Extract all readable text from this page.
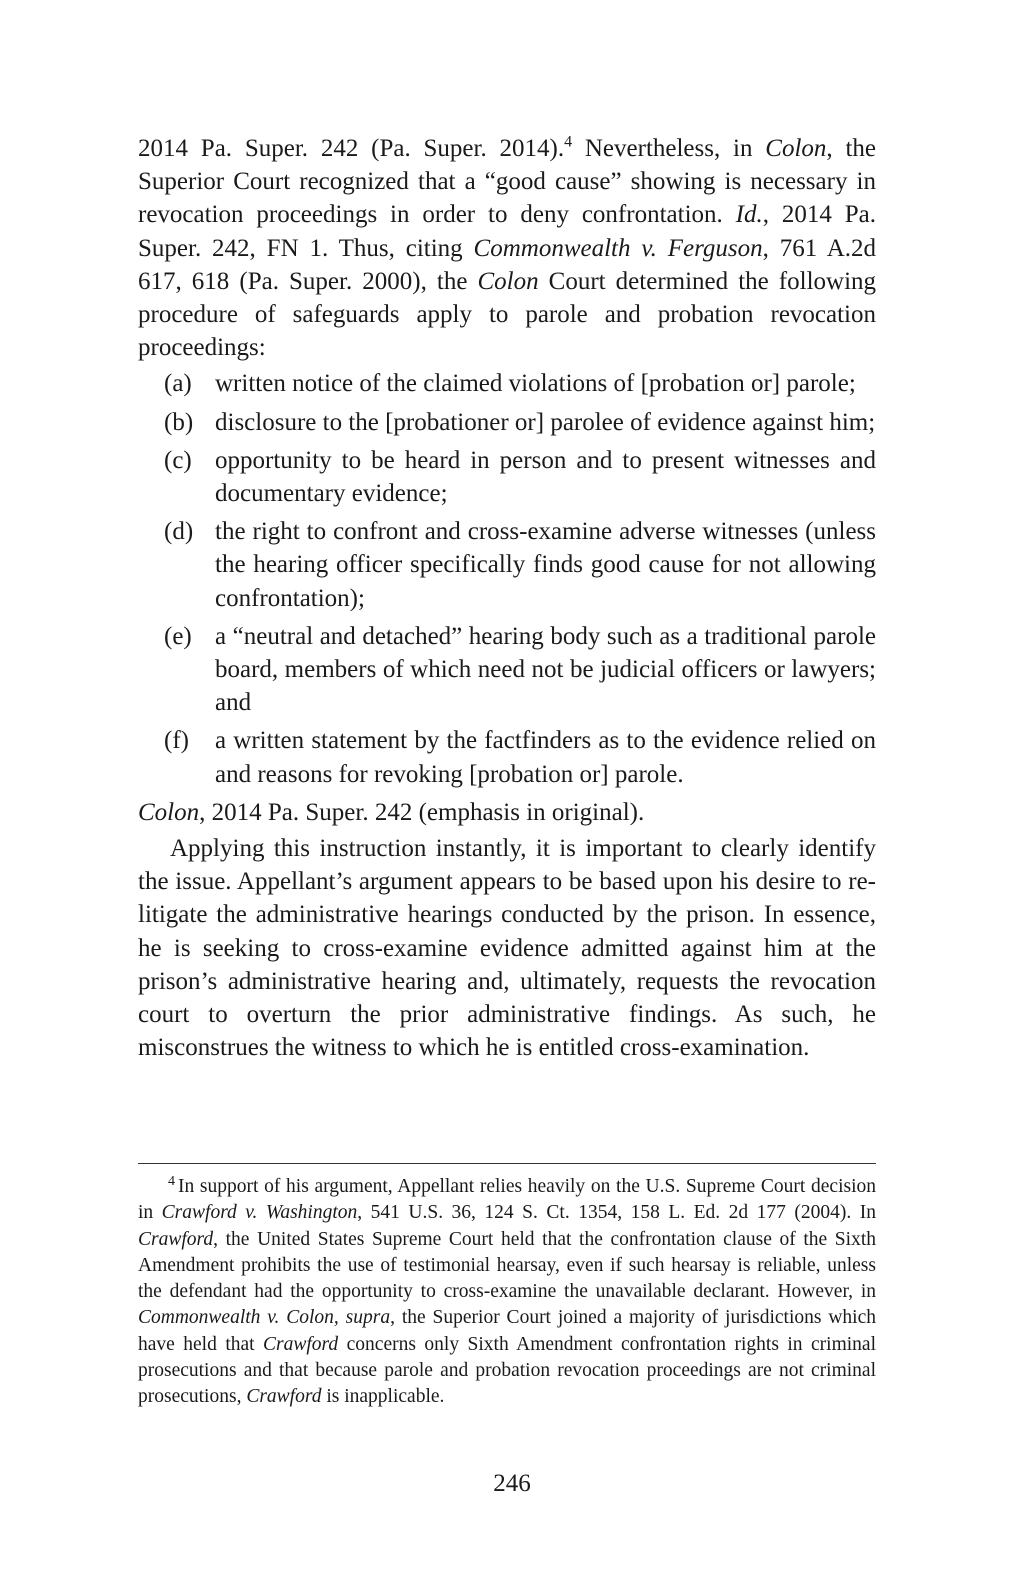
2014 Pa. Super. 242 (Pa. Super. 2014).$^4$ Nevertheless, in Colon, the Superior Court recognized that a “good cause” showing is necessary in revocation proceedings in order to deny confrontation. Id., 2014 Pa. Super. 242, FN 1. Thus, citing Commonwealth v. Ferguson, 761 A.2d 617, 618 (Pa. Super. 2000), the Colon Court determined the following procedure of safeguards apply to parole and probation revocation proceedings:

(a) written notice of the claimed violations of [probation or] parole;
(b) disclosure to the [probationer or] parolee of evidence against him;
(c) opportunity to be heard in person and to present witnesses and documentary evidence;
(d) the right to confront and cross-examine adverse witnesses (unless the hearing officer specifically finds good cause for not allowing confrontation);
(e) a “neutral and detached” hearing body such as a traditional parole board, members of which need not be judicial officers or lawyers; and
(f)	a written statement by the factfinders as to the evidence relied on and reasons for revoking [probation or] parole.

Colon, 2014 Pa. Super. 242 (emphasis in original).

Applying this instruction instantly, it is important to clearly identify the issue. Appellant’s argument appears to be based upon his desire to re-litigate the administrative hearings conducted by the prison. In essence, he is seeking to cross-examine evidence admitted against him at the prison’s administrative hearing and, ultimately, requests the revocation court to overturn the prior administrative findings. As such, he misconstrues the witness to which he is entitled cross-examination.

$^4$ In support of his argument, Appellant relies heavily on the U.S. Supreme Court decision in Crawford v. Washington, 541 U.S. 36, 124 S. Ct. 1354, 158 L. Ed. 2d 177 (2004). In Crawford, the United States Supreme Court held that the confrontation clause of the Sixth Amendment prohibits the use of testimonial hearsay, even if such hearsay is reliable, unless the defendant had the opportunity to cross-examine the unavailable declarant. However, in Commonwealth v. Colon, supra, the Superior Court joined a majority of jurisdictions which have held that Crawford concerns only Sixth Amendment confrontation rights in criminal prosecutions and that because parole and probation revocation proceedings are not criminal prosecutions, Crawford is inapplicable.
246
